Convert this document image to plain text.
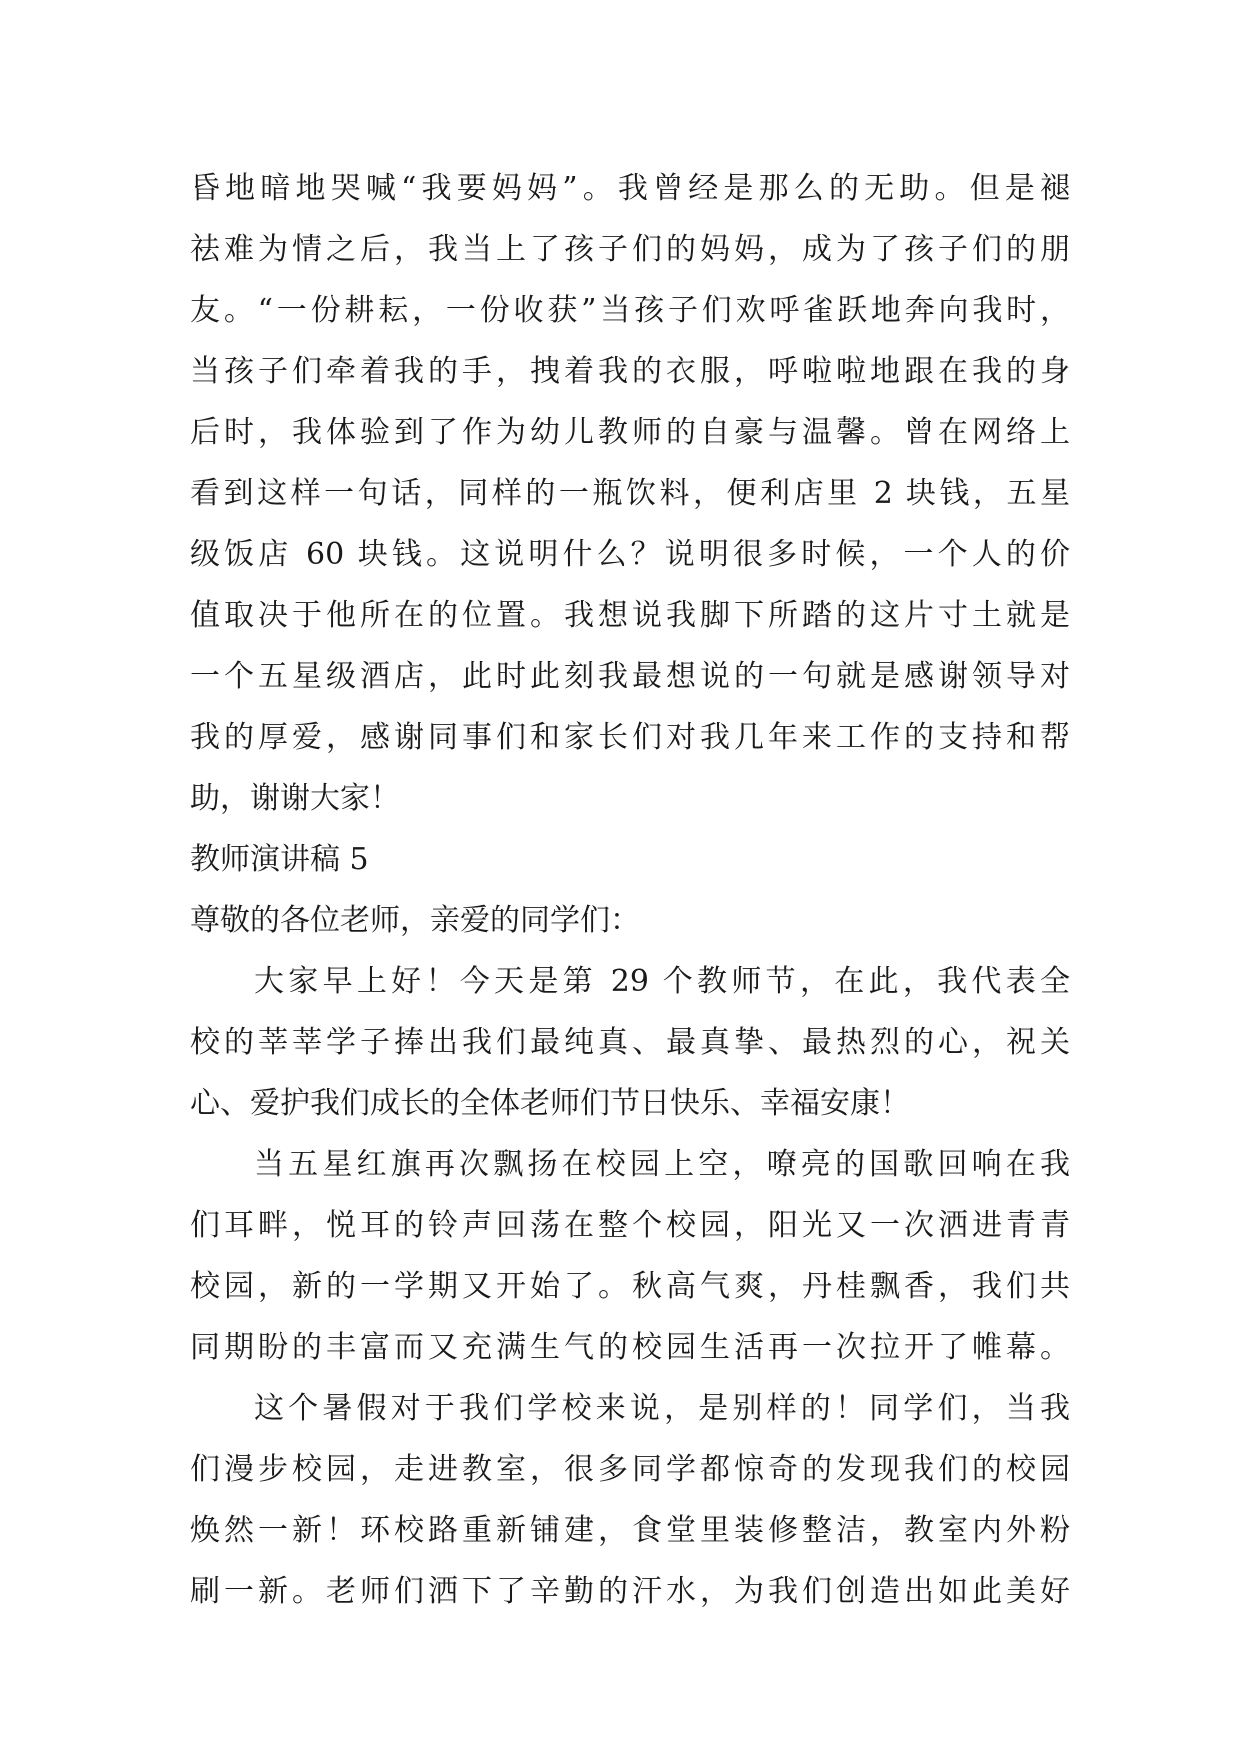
昏地暗地哭喊“我要妈妈”。我曾经是那么的无助。但是褪
祛难为情之后，我当上了孩子们的妈妈，成为了孩子们的朋
友。“一份耕耘，一份收获”当孩子们欢呼雀跃地奔向我时，
当孩子们牵着我的手，拽着我的衣服，呼啦啦地跟在我的身
后时，我体验到了作为幼儿教师的自豪与温馨。曾在网络上
看到这样一句话，同样的一瓶饮料，便利店里 2 块钱，五星
级饭店 60 块钱。这说明什么？说明很多时候，一个人的价
值取决于他所在的位置。我想说我脚下所踏的这片寸土就是
一个五星级酒店，此时此刻我最想说的一句就是感谢领导对
我的厚爱，感谢同事们和家长们对我几年来工作的支持和帮
助，谢谢大家！
教师演讲稿 5
尊敬的各位老师，亲爱的同学们：
大家早上好！今天是第 29 个教师节，在此，我代表全
校的莘莘学子捧出我们最纯真、最真挚、最热烈的心，祝关
心、爱护我们成长的全体老师们节日快乐、幸福安康！
当五星红旗再次飘扬在校园上空，嘹亮的国歌回响在我
们耳畔，悦耳的铃声回荡在整个校园，阳光又一次洒进青青
校园，新的一学期又开始了。秋高气爽，丹桂飘香，我们共
同期盼的丰富而又充满生气的校园生活再一次拉开了帷幕。
这个暑假对于我们学校来说，是别样的！同学们，当我
们漫步校园，走进教室，很多同学都惊奇的发现我们的校园
焕然一新！环校路重新铺建，食堂里装修整洁，教室内外粉
刷一新。老师们洒下了辛勤的汗水，为我们创造出如此美好
